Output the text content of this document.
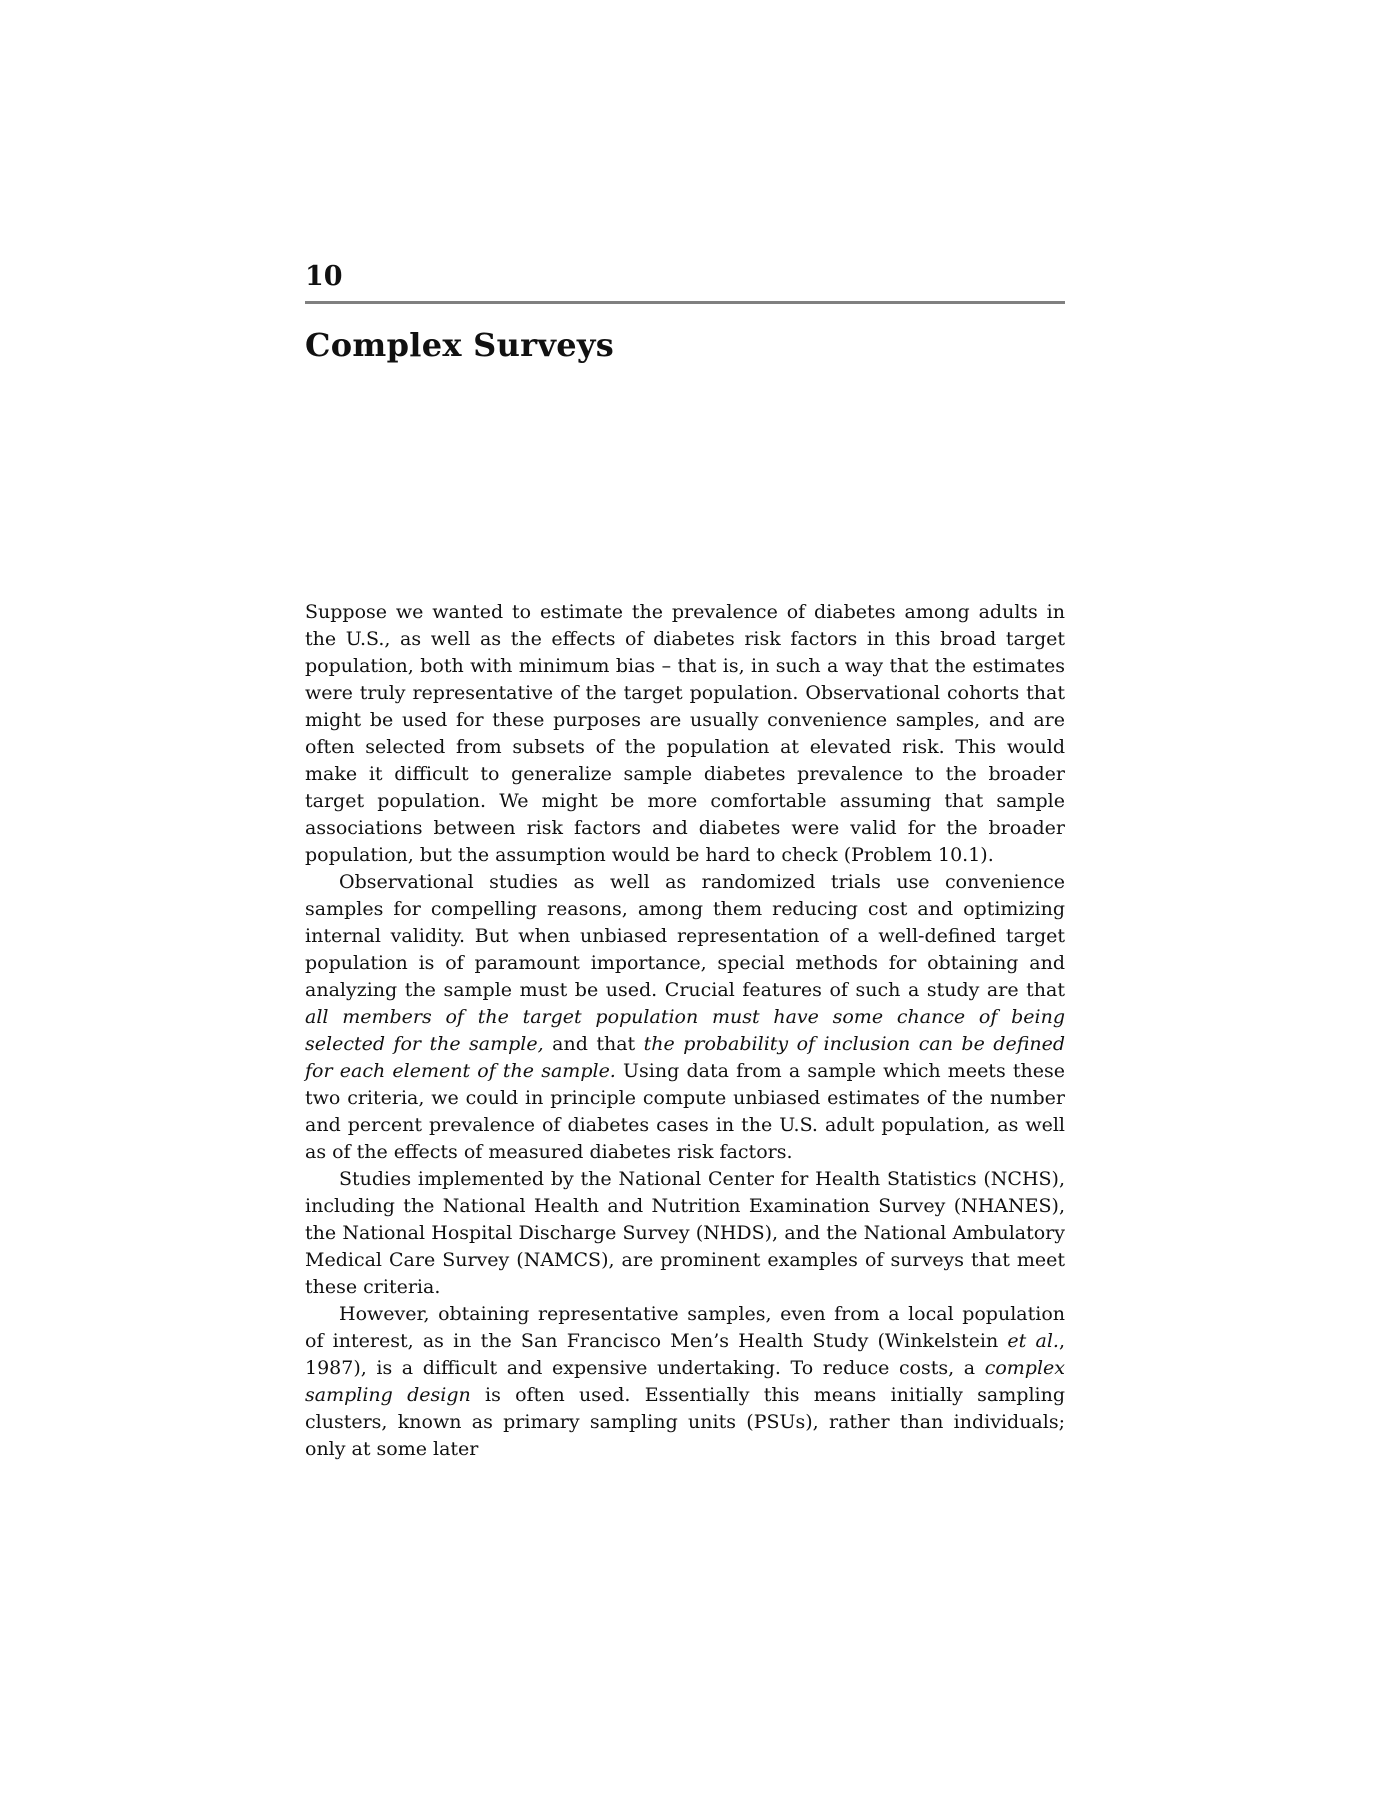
10
Complex Surveys

Suppose we wanted to estimate the prevalence of diabetes among adults in the U.S., as well as the effects of diabetes risk factors in this broad target population, both with minimum bias – that is, in such a way that the estimates were truly representative of the target population. Observational cohorts that might be used for these purposes are usually convenience samples, and are often selected from subsets of the population at elevated risk. This would make it difficult to generalize sample diabetes prevalence to the broader target population. We might be more comfortable assuming that sample associations between risk factors and diabetes were valid for the broader population, but the assumption would be hard to check (Problem 10.1).

Observational studies as well as randomized trials use convenience samples for compelling reasons, among them reducing cost and optimizing internal validity. But when unbiased representation of a well-defined target population is of paramount importance, special methods for obtaining and analyzing the sample must be used. Crucial features of such a study are that all members of the target population must have some chance of being selected for the sample, and that the probability of inclusion can be defined for each element of the sample. Using data from a sample which meets these two criteria, we could in principle compute unbiased estimates of the number and percent prevalence of diabetes cases in the U.S. adult population, as well as of the effects of measured diabetes risk factors.

Studies implemented by the National Center for Health Statistics (NCHS), including the National Health and Nutrition Examination Survey (NHANES), the National Hospital Discharge Survey (NHDS), and the National Ambulatory Medical Care Survey (NAMCS), are prominent examples of surveys that meet these criteria.

However, obtaining representative samples, even from a local population of interest, as in the San Francisco Men’s Health Study (Winkelstein et al., 1987), is a difficult and expensive undertaking. To reduce costs, a complex sampling design is often used. Essentially this means initially sampling clusters, known as primary sampling units (PSUs), rather than individuals; only at some later
